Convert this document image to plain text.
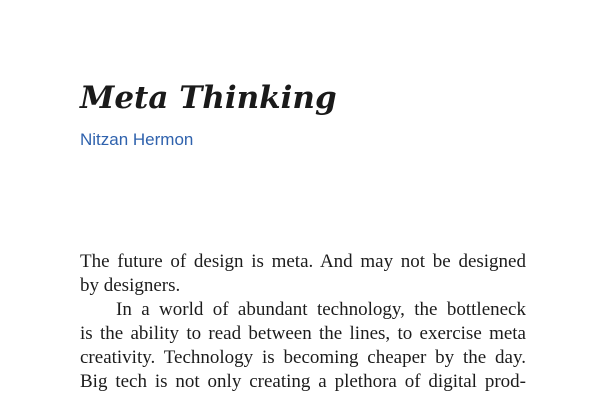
Meta Thinking
Nitzan Hermon
The future of design is meta. And may not be designed
by designers.
In a world of abundant technology, the bottleneck
is the ability to read between the lines, to exercise meta
creativity. Technology is becoming cheaper by the day.
Big tech is not only creating a plethora of digital prod-
